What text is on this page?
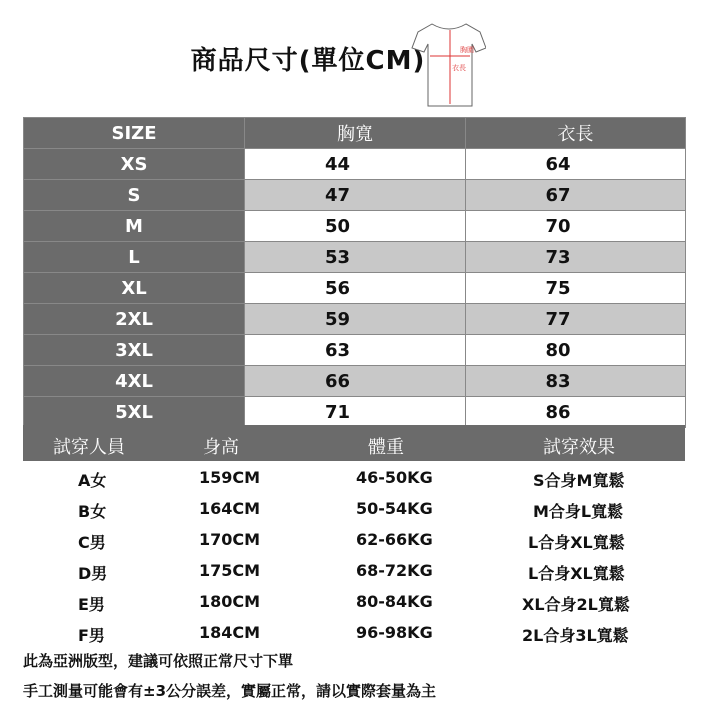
商品尺寸(單位CM)	胸圍
衣長
SIZE	胸寬	衣長
XS	44	64
S	47	67
M	50	70
L	53	73
XL	56	75
2XL	59	77
3XL	63	80
4XL	66	83
5XL	71	86
試穿人員	身高	體重	試穿效果
A女	159CM	46-50KG	S合身M寬鬆
B女	164CM	50-54KG	M合身L寬鬆
C男	170CM	62-66KG	L合身XL寬鬆
D男	175CM	68-72KG	L合身XL寬鬆
E男	180CM	80-84KG	XL合身2L寬鬆
F男	184CM	96-98KG	2L合身3L寬鬆
此為亞洲版型，建議可依照正常尺寸下單
手工測量可能會有±3公分誤差，實屬正常，請以實際套量為主
